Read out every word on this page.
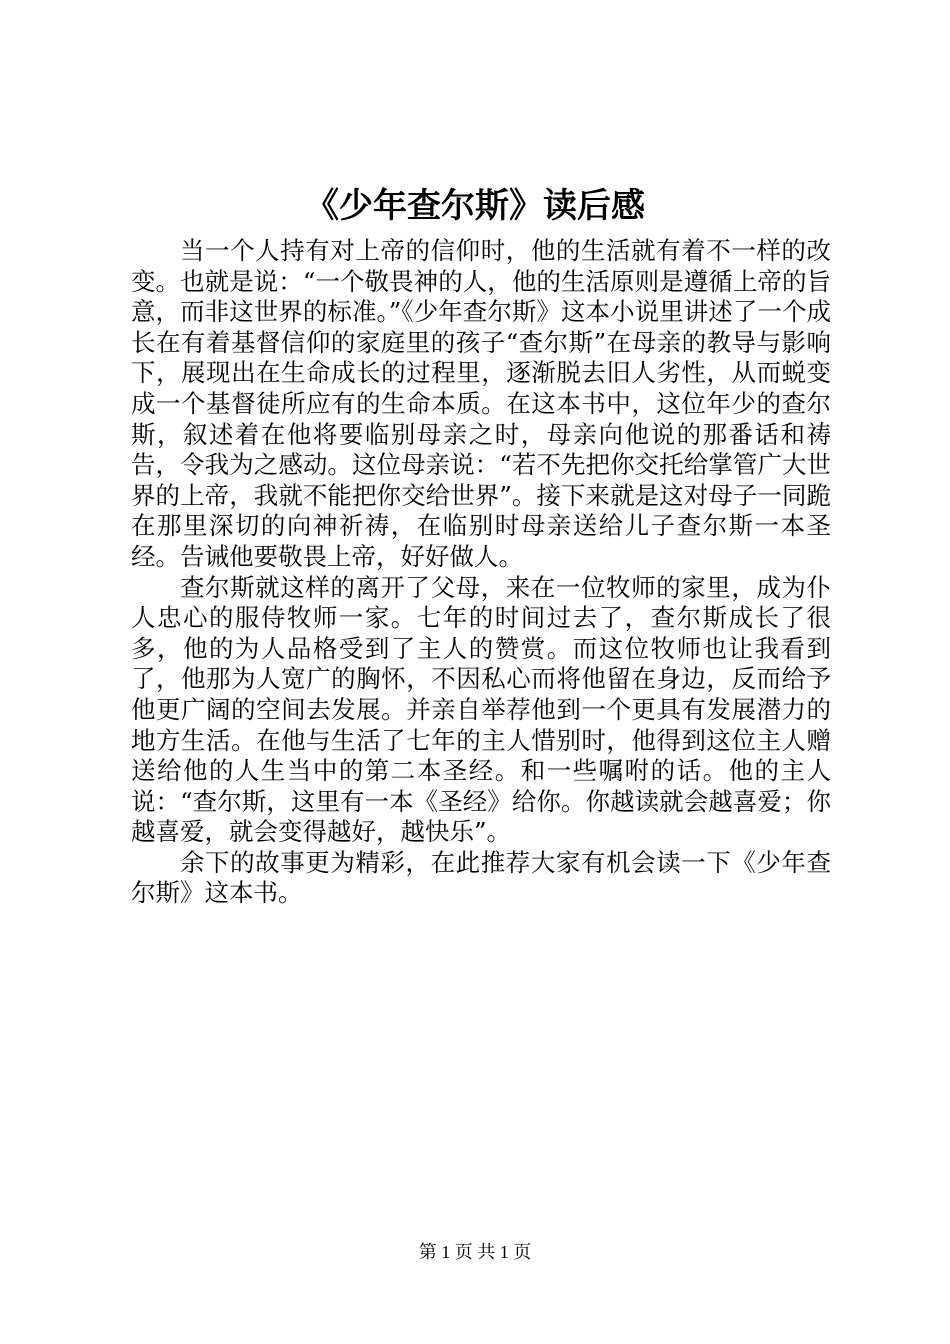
《少年查尔斯》读后感

当一个人持有对上帝的信仰时，他的生活就有着不一样的改变。也就是说：“一个敬畏神的人，他的生活原则是遵循上帝的旨意，而非这世界的标准。”《少年查尔斯》这本小说里讲述了一个成长在有着基督信仰的家庭里的孩子“查尔斯”在母亲的教导与影响下，展现出在生命成长的过程里，逐渐脱去旧人劣性，从而蜕变成一个基督徒所应有的生命本质。在这本书中，这位年少的查尔斯，叙述着在他将要临别母亲之时，母亲向他说的那番话和祷告，令我为之感动。这位母亲说：“若不先把你交托给掌管广大世界的上帝，我就不能把你交给世界”。接下来就是这对母子一同跪在那里深切的向神祈祷，在临别时母亲送给儿子查尔斯一本圣经。告诫他要敬畏上帝，好好做人。

查尔斯就这样的离开了父母，来在一位牧师的家里，成为仆人忠心的服侍牧师一家。七年的时间过去了，查尔斯成长了很多，他的为人品格受到了主人的赞赏。而这位牧师也让我看到了，他那为人宽广的胸怀，不因私心而将他留在身边，反而给予他更广阔的空间去发展。并亲自举荐他到一个更具有发展潜力的地方生活。在他与生活了七年的主人惜别时，他得到这位主人赠送给他的人生当中的第二本圣经。和一些嘱咐的话。他的主人说：“查尔斯，这里有一本《圣经》给你。你越读就会越喜爱；你越喜爱，就会变得越好，越快乐”。

余下的故事更为精彩，在此推荐大家有机会读一下《少年查尔斯》这本书。

第 1 页 共 1 页
